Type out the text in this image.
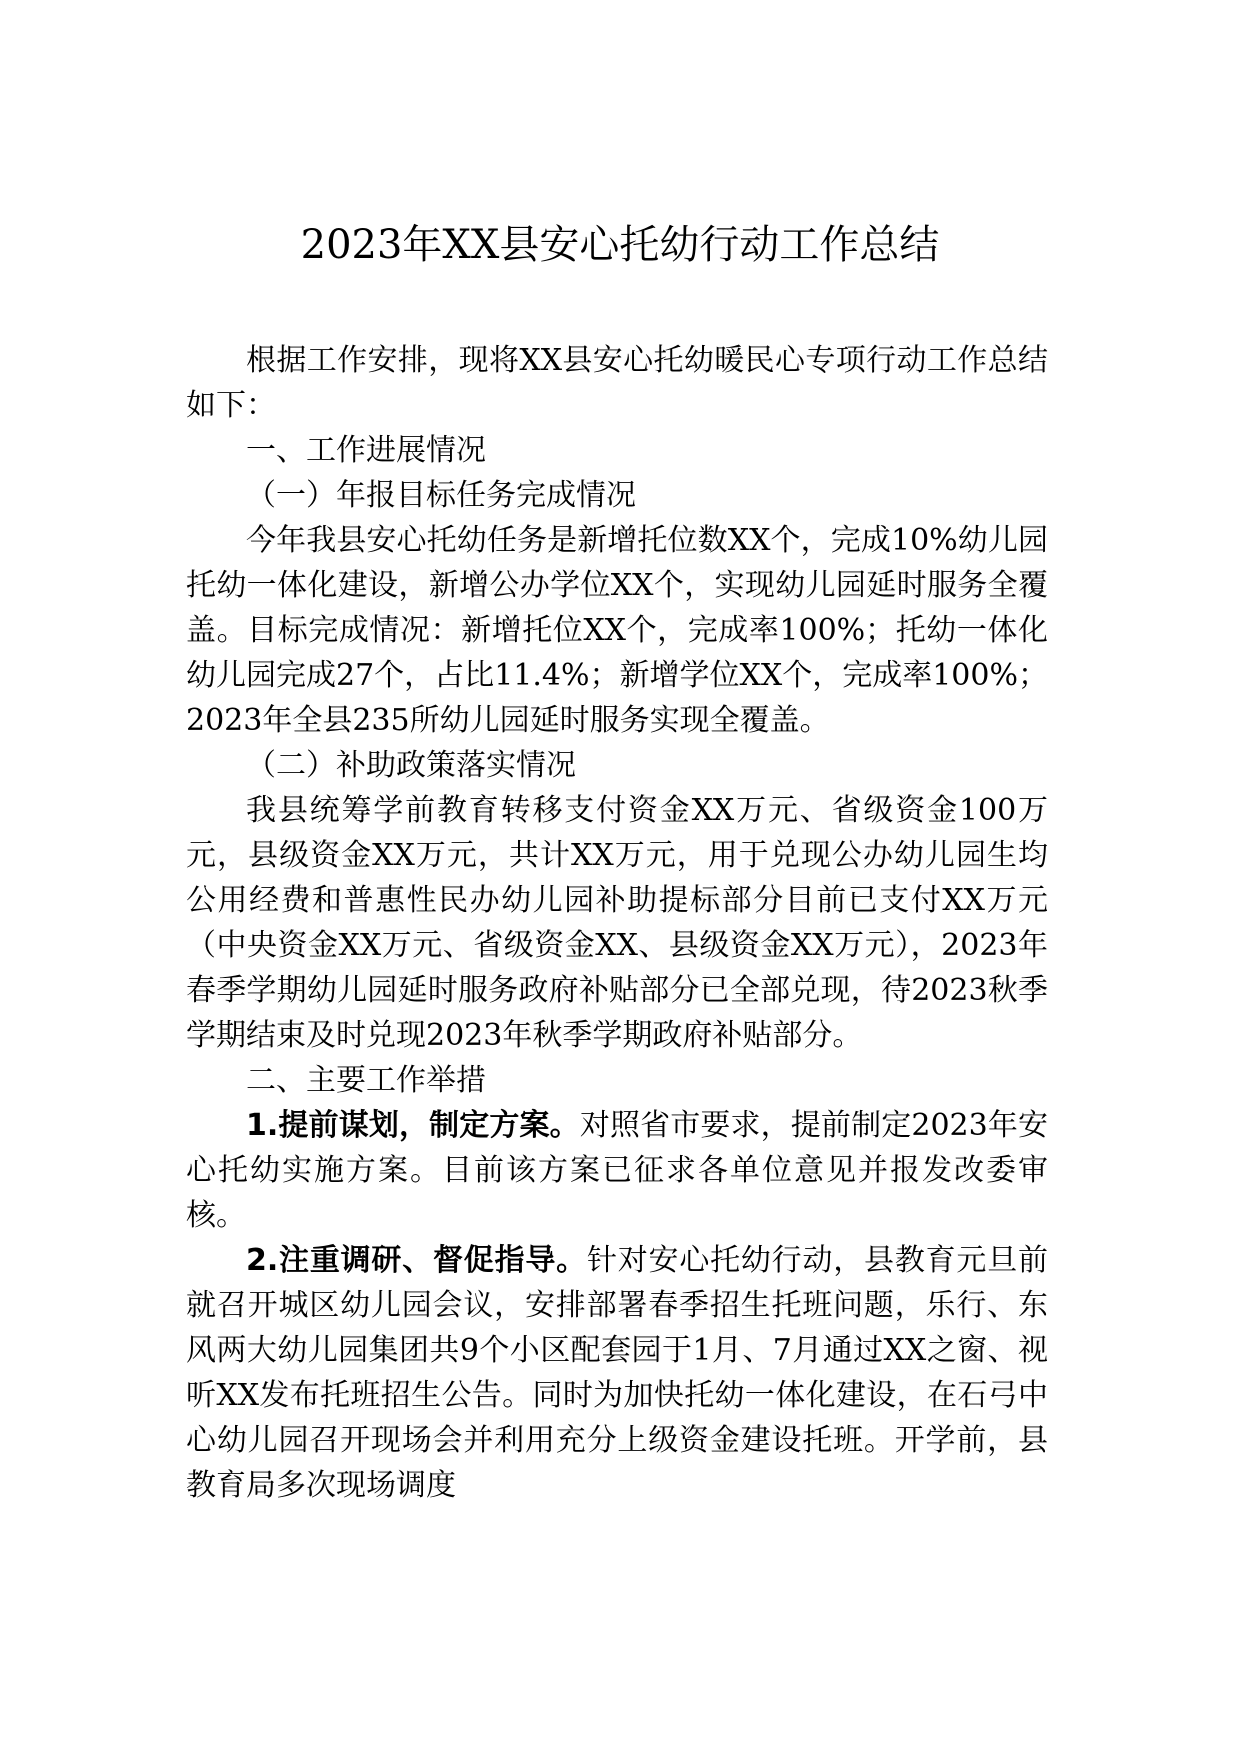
2023年XX县安心托幼行动工作总结

根据工作安排，现将XX县安心托幼暖民心专项行动工作总结如下：

一、工作进展情况

（一）年报目标任务完成情况

今年我县安心托幼任务是新增托位数XX个，完成10%幼儿园托幼一体化建设，新增公办学位XX个，实现幼儿园延时服务全覆盖。目标完成情况：新增托位XX个，完成率100%；托幼一体化幼儿园完成27个，占比11.4%；新增学位XX个，完成率100%；2023年全县235所幼儿园延时服务实现全覆盖。

（二）补助政策落实情况

我县统筹学前教育转移支付资金XX万元、省级资金100万元，县级资金XX万元，共计XX万元，用于兑现公办幼儿园生均公用经费和普惠性民办幼儿园补助提标部分目前已支付XX万元（中央资金XX万元、省级资金XX、县级资金XX万元），2023年春季学期幼儿园延时服务政府补贴部分已全部兑现，待2023秋季学期结束及时兑现2023年秋季学期政府补贴部分。

二、主要工作举措

1.提前谋划，制定方案。对照省市要求，提前制定2023年安心托幼实施方案。目前该方案已征求各单位意见并报发改委审核。

2.注重调研、督促指导。针对安心托幼行动，县教育元旦前就召开城区幼儿园会议，安排部署春季招生托班问题，乐行、东风两大幼儿园集团共9个小区配套园于1月、7月通过XX之窗、视听XX发布托班招生公告。同时为加快托幼一体化建设，在石弓中心幼儿园召开现场会并利用充分上级资金建设托班。开学前，县教育局多次现场调度
